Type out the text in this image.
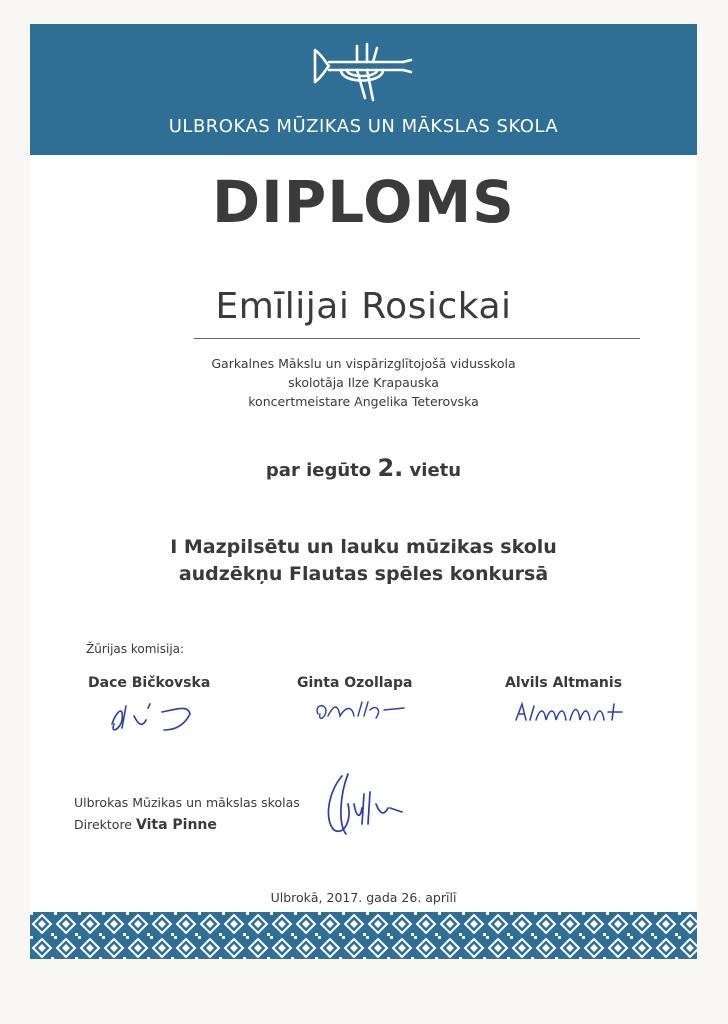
ULBROKAS MŪZIKAS UN MĀKSLAS SKOLA
DIPLOMS
Emīlijai Rosickai
Garkalnes Mākslu un vispārizglītojošā vidusskola
skolotāja Ilze Krapauska
koncertmeistare Angelika Teterovska
par iegūto 2. vietu
I Mazpilsētu un lauku mūzikas skolu
audzēkņu Flautas spēles konkursā
Žūrijas komisija:
Dace Bičkovska	Ginta Ozollapa	Alvils Altmanis
Ulbrokas Mūzikas un mākslas skolas
Direktore Vita Pinne
Ulbrokā, 2017. gada 26. aprīlī
